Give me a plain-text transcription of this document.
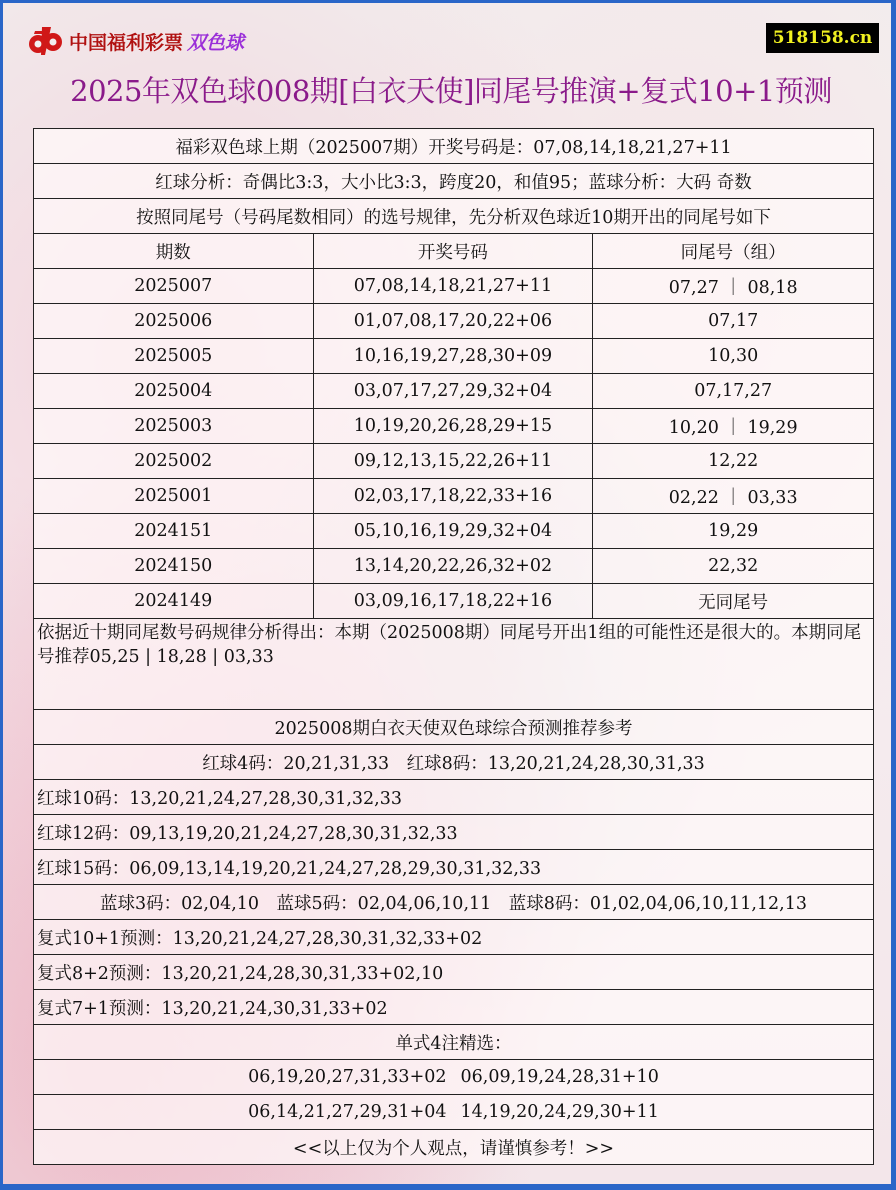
中国福利彩票 双色球	518158.cn
2025年双色球008期[白衣天使]同尾号推演+复式10+1预测
福彩双色球上期（2025007期）开奖号码是：07,08,14,18,21,27+11		
红球分析：奇偶比3:3，大小比3:3，跨度20，和值95；蓝球分析：大码 奇数		
按照同尾号（号码尾数相同）的选号规律，先分析双色球近10期开出的同尾号如下		
期数	开奖号码	同尾号（组）
2025007	07,08,14,18,21,27+11	07,27 ｜ 08,18
2025006	01,07,08,17,20,22+06	07,17
2025005	10,16,19,27,28,30+09	10,30
2025004	03,07,17,27,29,32+04	07,17,27
2025003	10,19,20,26,28,29+15	10,20 ｜ 19,29
2025002	09,12,13,15,22,26+11	12,22
2025001	02,03,17,18,22,33+16	02,22 ｜ 03,33
2024151	05,10,16,19,29,32+04	19,29
2024150	13,14,20,22,26,32+02	22,32
2024149	03,09,16,17,18,22+16	无同尾号
依据近十期同尾数号码规律分析得出：本期（2025008期）同尾号开出1组的可能性还是很大的。本期同尾号推荐05,25 | 18,28 | 03,33		
2025008期白衣天使双色球综合预测推荐参考		
红球4码：20,21,31,33　红球8码：13,20,21,24,28,30,31,33		
红球10码：13,20,21,24,27,28,30,31,32,33		
红球12码：09,13,19,20,21,24,27,28,30,31,32,33		
红球15码：06,09,13,14,19,20,21,24,27,28,29,30,31,32,33		
蓝球3码：02,04,10　蓝球5码：02,04,06,10,11　蓝球8码：01,02,04,06,10,11,12,13		
复式10+1预测：13,20,21,24,27,28,30,31,32,33+02		
复式8+2预测：13,20,21,24,28,30,31,33+02,10		
复式7+1预测：13,20,21,24,30,31,33+02		
单式4注精选：		
06,19,20,27,31,33+02 06,09,19,24,28,31+10		
06,14,21,27,29,31+04 14,19,20,24,29,30+11		
<<以上仅为个人观点，请谨慎参考！>>		
